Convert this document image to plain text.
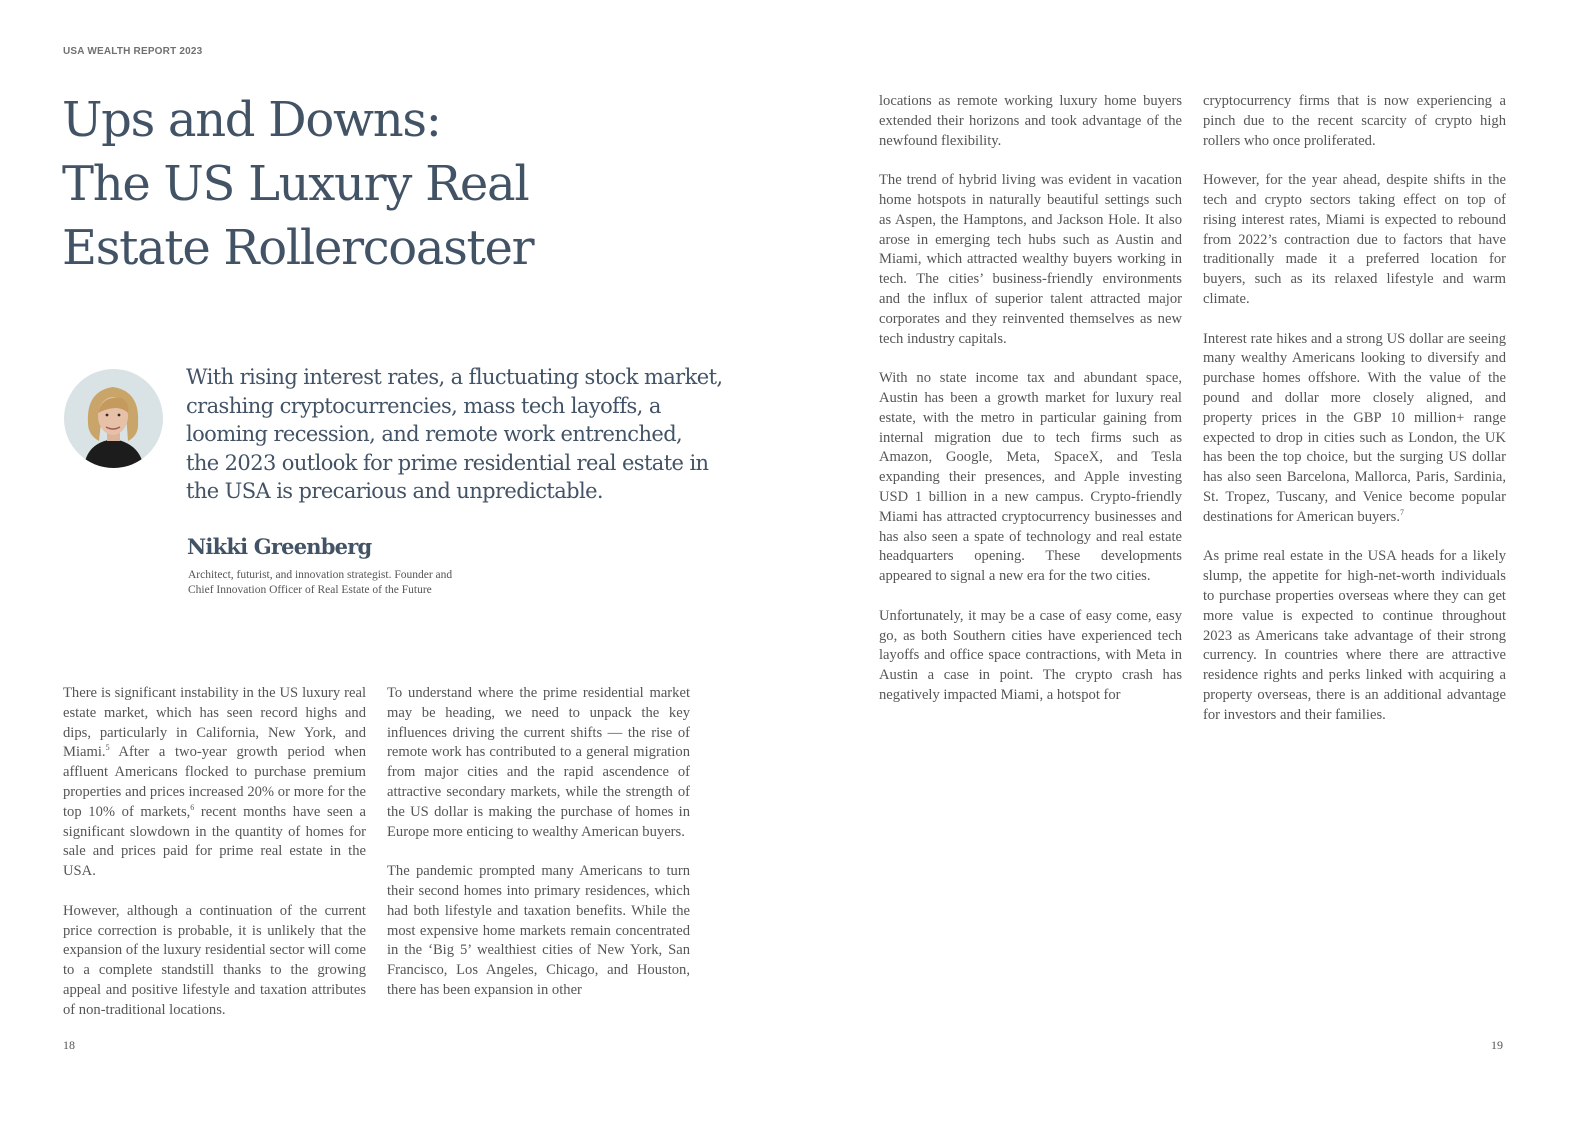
USA WEALTH REPORT 2023
Ups and Downs:
The US Luxury Real
Estate Rollercoaster

With rising interest rates, a fluctuating stock market,
crashing cryptocurrencies, mass tech layoffs, a
looming recession, and remote work entrenched,
the 2023 outlook for prime residential real estate in
the USA is precarious and unpredictable.

Nikki Greenberg
Architect, futurist, and innovation strategist. Founder and
Chief Innovation Officer of Real Estate of the Future

There is significant instability in the US luxury real estate market, which has seen record highs and dips, particularly in California, New York, and Miami.$^5$ After a two-year growth period when affluent Americans flocked to purchase premium properties and prices increased 20% or more for the top 10% of markets,$^6$ recent months have seen a significant slowdown in the quantity of homes for sale and prices paid for prime real estate in the USA.

However, although a continuation of the current price correction is probable, it is unlikely that the expansion of the luxury residential sector will come to a complete standstill thanks to the growing appeal and positive lifestyle and taxation attributes of non-traditional locations.

To understand where the prime residential market may be heading, we need to unpack the key influences driving the current shifts — the rise of remote work has contributed to a general migration from major cities and the rapid ascendence of attractive secondary markets, while the strength of the US dollar is making the purchase of homes in Europe more enticing to wealthy American buyers.

The pandemic prompted many Americans to turn their second homes into primary residences, which had both lifestyle and taxation benefits. While the most expensive home markets remain concentrated in the ‘Big 5’ wealthiest cities of New York, San Francisco, Los Angeles, Chicago, and Houston, there has been expansion in other

18

locations as remote working luxury home buyers extended their horizons and took advantage of the newfound flexibility.

The trend of hybrid living was evident in vacation home hotspots in naturally beautiful settings such as Aspen, the Hamptons, and Jackson Hole. It also arose in emerging tech hubs such as Austin and Miami, which attracted wealthy buyers working in tech. The cities’ business-friendly environments and the influx of superior talent attracted major corporates and they reinvented themselves as new tech industry capitals.

With no state income tax and abundant space, Austin has been a growth market for luxury real estate, with the metro in particular gaining from internal migration due to tech firms such as Amazon, Google, Meta, SpaceX, and Tesla expanding their presences, and Apple investing USD 1 billion in a new campus. Crypto-friendly Miami has attracted cryptocurrency businesses and has also seen a spate of technology and real estate headquarters opening. These developments appeared to signal a new era for the two cities.

Unfortunately, it may be a case of easy come, easy go, as both Southern cities have experienced tech layoffs and office space contractions, with Meta in Austin a case in point. The crypto crash has negatively impacted Miami, a hotspot for

cryptocurrency firms that is now experiencing a pinch due to the recent scarcity of crypto high rollers who once proliferated.

However, for the year ahead, despite shifts in the tech and crypto sectors taking effect on top of rising interest rates, Miami is expected to rebound from 2022’s contraction due to factors that have traditionally made it a preferred location for buyers, such as its relaxed lifestyle and warm climate.

Interest rate hikes and a strong US dollar are seeing many wealthy Americans looking to diversify and purchase homes offshore. With the value of the pound and dollar more closely aligned, and property prices in the GBP 10 million+ range expected to drop in cities such as London, the UK has been the top choice, but the surging US dollar has also seen Barcelona, Mallorca, Paris, Sardinia, St. Tropez, Tuscany, and Venice become popular destinations for American buyers.$^7$

As prime real estate in the USA heads for a likely slump, the appetite for high-net-worth individuals to purchase properties overseas where they can get more value is expected to continue throughout 2023 as Americans take advantage of their strong currency. In countries where there are attractive residence rights and perks linked with acquiring a property overseas, there is an additional advantage for investors and their families.

19
